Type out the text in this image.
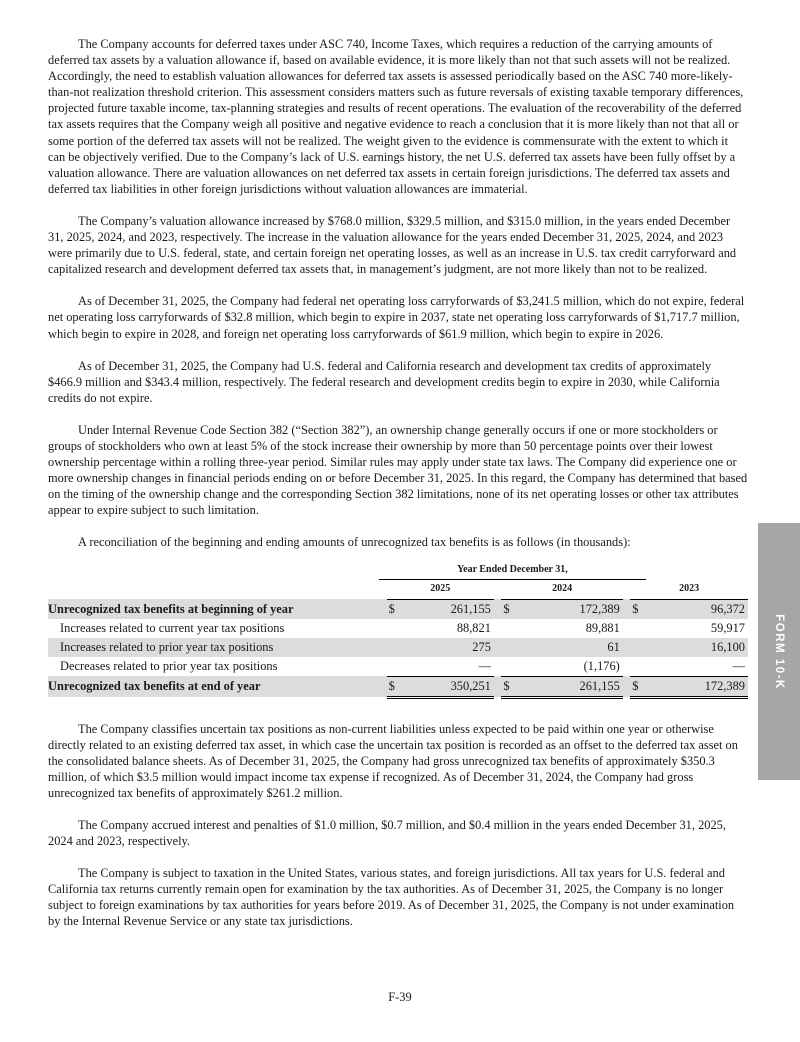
FORM 10-K

The Company accounts for deferred taxes under ASC 740, Income Taxes, which requires a reduction of the carrying amounts of deferred tax assets by a valuation allowance if, based on available evidence, it is more likely than not that such assets will not be realized. Accordingly, the need to establish valuation allowances for deferred tax assets is assessed periodically based on the ASC 740 more-likely-than-not realization threshold criterion. This assessment considers matters such as future reversals of existing taxable temporary differences, projected future taxable income, tax-planning strategies and results of recent operations. The evaluation of the recoverability of the deferred tax assets requires that the Company weigh all positive and negative evidence to reach a conclusion that it is more likely than not that all or some portion of the deferred tax assets will not be realized. The weight given to the evidence is commensurate with the extent to which it can be objectively verified. Due to the Company’s lack of U.S. earnings history, the net U.S. deferred tax assets have been fully offset by a valuation allowance. There are valuation allowances on net deferred tax assets in certain foreign jurisdictions. The deferred tax assets and deferred tax liabilities in other foreign jurisdictions without valuation allowances are immaterial.

The Company’s valuation allowance increased by $768.0 million, $329.5 million, and $315.0 million, in the years ended December 31, 2025, 2024, and 2023, respectively. The increase in the valuation allowance for the years ended December 31, 2025, 2024, and 2023 were primarily due to U.S. federal, state, and certain foreign net operating losses, as well as an increase in U.S. tax credit carryforward and capitalized research and development deferred tax assets that, in management’s judgment, are not more likely than not to be realized.

As of December 31, 2025, the Company had federal net operating loss carryforwards of $3,241.5 million, which do not expire, federal net operating loss carryforwards of $32.8 million, which begin to expire in 2037, state net operating loss carryforwards of $1,717.7 million, which begin to expire in 2028, and foreign net operating loss carryforwards of $61.9 million, which begin to expire in 2026.

As of December 31, 2025, the Company had U.S. federal and California research and development tax credits of approximately $466.9 million and $343.4 million, respectively. The federal research and development credits begin to expire in 2030, while California credits do not expire.

Under Internal Revenue Code Section 382 (“Section 382”), an ownership change generally occurs if one or more stockholders or groups of stockholders who own at least 5% of the stock increase their ownership by more than 50 percentage points over their lowest ownership percentage within a rolling three-year period. Similar rules may apply under state tax laws. The Company did experience one or more ownership changes in financial periods ending on or before December 31, 2025. In this regard, the Company has determined that based on the timing of the ownership change and the corresponding Section 382 limitations, none of its net operating losses or other tax attributes appear to expire subject to such limitation.

A reconciliation of the beginning and ending amounts of unrecognized tax benefits is as follows (in thousands):

	Year Ended December 31,								
		2025			2024			2023	
Unrecognized tax benefits at beginning of year		$	261,155		$	172,389		$	96,372
Increases related to current year tax positions			88,821			89,881			59,917
Increases related to prior year tax positions			275			61			16,100
Decreases related to prior year tax positions			—			(1,176)			—
Unrecognized tax benefits at end of year		$	350,251		$	261,155		$	172,389

The Company classifies uncertain tax positions as non-current liabilities unless expected to be paid within one year or otherwise directly related to an existing deferred tax asset, in which case the uncertain tax position is recorded as an offset to the deferred tax asset on the consolidated balance sheets. As of December 31, 2025, the Company had gross unrecognized tax benefits of approximately $350.3 million, of which $3.5 million would impact income tax expense if recognized. As of December 31, 2024, the Company had gross unrecognized tax benefits of approximately $261.2 million.

The Company accrued interest and penalties of $1.0 million, $0.7 million, and $0.4 million in the years ended December 31, 2025, 2024 and 2023, respectively.

The Company is subject to taxation in the United States, various states, and foreign jurisdictions. All tax years for U.S. federal and California tax returns currently remain open for examination by the tax authorities. As of December 31, 2025, the Company is no longer subject to foreign examinations by tax authorities for years before 2019. As of December 31, 2025, the Company is not under examination by the Internal Revenue Service or any state tax jurisdictions.

F-39
